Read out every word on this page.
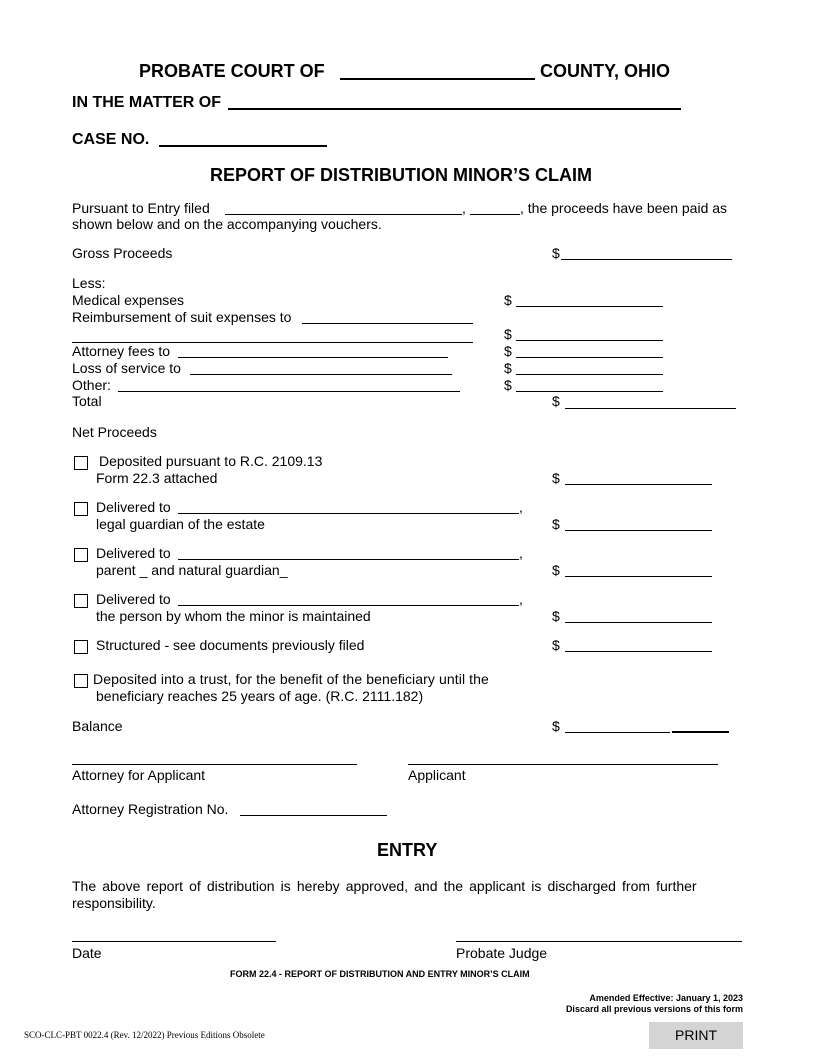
PROBATE COURT OF	COUNTY, OHIO
IN THE MATTER OF
CASE NO.
REPORT OF DISTRIBUTION MINOR’S CLAIM
Pursuant to Entry filed	,	, the proceeds have been paid as
shown below and on the accompanying vouchers.
Gross Proceeds	$
Less:
Medical expenses	$
Reimbursement of suit expenses to
$
Attorney fees to	$
Loss of service to	$
Other:	$
Total	$
Net Proceeds
Deposited pursuant to R.C. 2109.13
Form 22.3 attached	$
Delivered to	,
legal guardian of the estate	$
Delivered to	,
parent _ and natural guardian_	$
Delivered to	,
the person by whom the minor is maintained	$
Structured - see documents previously filed	$
Deposited into a trust, for the benefit of the beneficiary until the
beneficiary reaches 25 years of age. (R.C. 2111.182)
Balance	$
Attorney for Applicant	Applicant
Attorney Registration No.
ENTRY
The above report of distribution is hereby approved, and the applicant is discharged from further
responsibility.
Date	Probate Judge
FORM 22.4 - REPORT OF DISTRIBUTION AND ENTRY MINOR’S CLAIM
Amended Effective: January 1, 2023
Discard all previous versions of this form
SCO-CLC-PBT 0022.4 (Rev. 12/2022) Previous Editions Obsolete	PRINT
